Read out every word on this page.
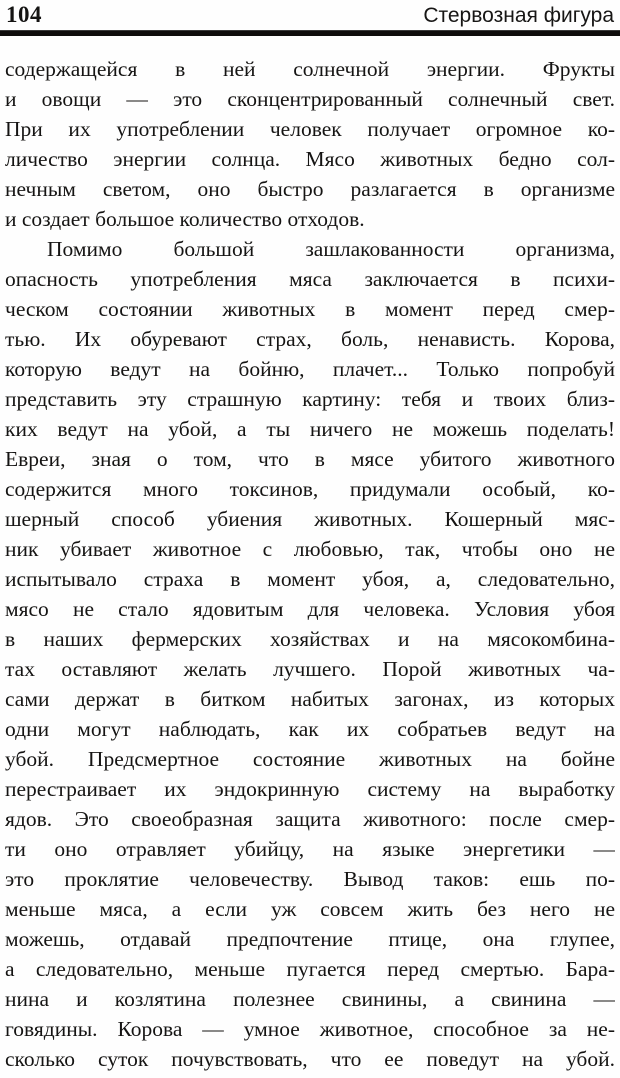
104	Стервозная фигура
содержащейся в ней солнечной энергии. Фрукты
и овощи — это сконцентрированный солнечный свет.
При их употреблении человек получает огромное ко-
личество энергии солнца. Мясо животных бедно сол-
нечным светом, оно быстро разлагается в организме
и создает большое количество отходов.
Помимо большой зашлакованности организма,
опасность употребления мяса заключается в психи-
ческом состоянии животных в момент перед смер-
тью. Их обуревают страх, боль, ненависть. Корова,
которую ведут на бойню, плачет... Только попробуй
представить эту страшную картину: тебя и твоих близ-
ких ведут на убой, а ты ничего не можешь поделать!
Евреи, зная о том, что в мясе убитого животного
содержится много токсинов, придумали особый, ко-
шерный способ убиения животных. Кошерный мяс-
ник убивает животное с любовью, так, чтобы оно не
испытывало страха в момент убоя, а, следовательно,
мясо не стало ядовитым для человека. Условия убоя
в наших фермерских хозяйствах и на мясокомбина-
тах оставляют желать лучшего. Порой животных ча-
сами держат в битком набитых загонах, из которых
одни могут наблюдать, как их собратьев ведут на
убой. Предсмертное состояние животных на бойне
перестраивает их эндокринную систему на выработку
ядов. Это своеобразная защита животного: после смер-
ти оно отравляет убийцу, на языке энергетики —
это проклятие человечеству. Вывод таков: ешь по-
меньше мяса, а если уж совсем жить без него не
можешь, отдавай предпочтение птице, она глупее,
а следовательно, меньше пугается перед смертью. Бара-
нина и козлятина полезнее свинины, а свинина —
говядины. Корова — умное животное, способное за не-
сколько суток почувствовать, что ее поведут на убой.
